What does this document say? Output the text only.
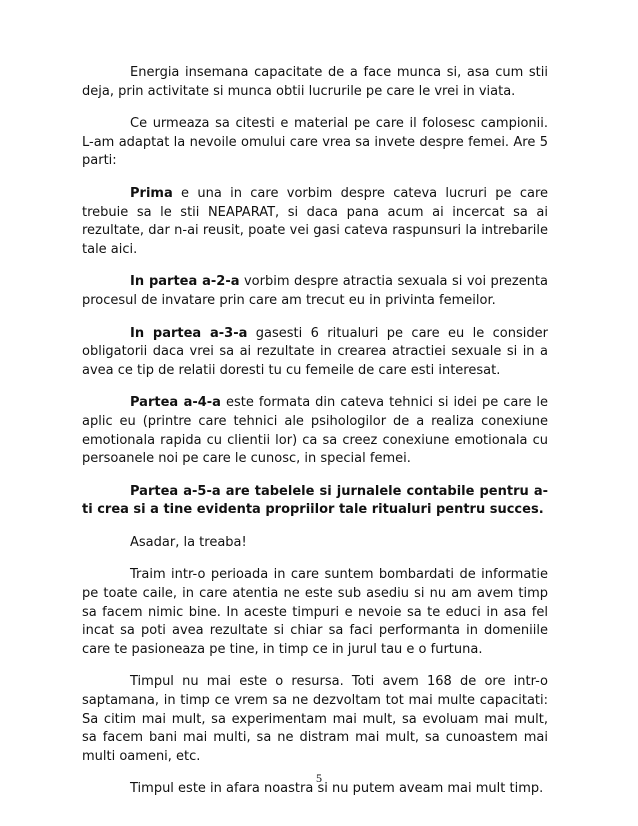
Energia insemana capacitate de a face munca si, asa cum stii deja, prin activitate si munca obtii lucrurile pe care le vrei in viata.

Ce urmeaza sa citesti e material pe care il folosesc campionii. L-am adaptat la nevoile omului care vrea sa invete despre femei. Are 5 parti:

Prima e una in care vorbim despre cateva lucruri pe care trebuie sa le stii NEAPARAT, si daca pana acum ai incercat sa ai rezultate, dar n-ai reusit, poate vei gasi cateva raspunsuri la intrebarile tale aici.

In partea a-2-a vorbim despre atractia sexuala si voi prezenta procesul de invatare prin care am trecut eu in privinta femeilor.

In partea a-3-a gasesti 6 ritualuri pe care eu le consider obligatorii daca vrei sa ai rezultate in crearea atractiei sexuale si in a avea ce tip de relatii doresti tu cu femeile de care esti interesat.

Partea a-4-a este formata din cateva tehnici si idei pe care le aplic eu (printre care tehnici ale psihologilor de a realiza conexiune emotionala rapida cu clientii lor) ca sa creez conexiune emotionala cu persoanele noi pe care le cunosc, in special femei.

Partea a-5-a are tabelele si jurnalele contabile pentru a-ti crea si a tine evidenta propriilor tale ritualuri pentru succes.

Asadar, la treaba!

Traim intr-o perioada in care suntem bombardati de informatie pe toate caile, in care atentia ne este sub asediu si nu am avem timp sa facem nimic bine. In aceste timpuri e nevoie sa te educi in asa fel incat sa poti avea rezultate si chiar sa faci performanta in domeniile care te pasioneaza pe tine, in timp ce in jurul tau e o furtuna.

Timpul nu mai este o resursa. Toti avem 168 de ore intr-o saptamana, in timp ce vrem sa ne dezvoltam tot mai multe capacitati: Sa citim mai mult, sa experimentam mai mult, sa evoluam mai mult, sa facem bani mai multi, sa ne distram mai mult, sa cunoastem mai multi oameni, etc.

Timpul este in afara noastra si nu putem aveam mai mult timp.

5
